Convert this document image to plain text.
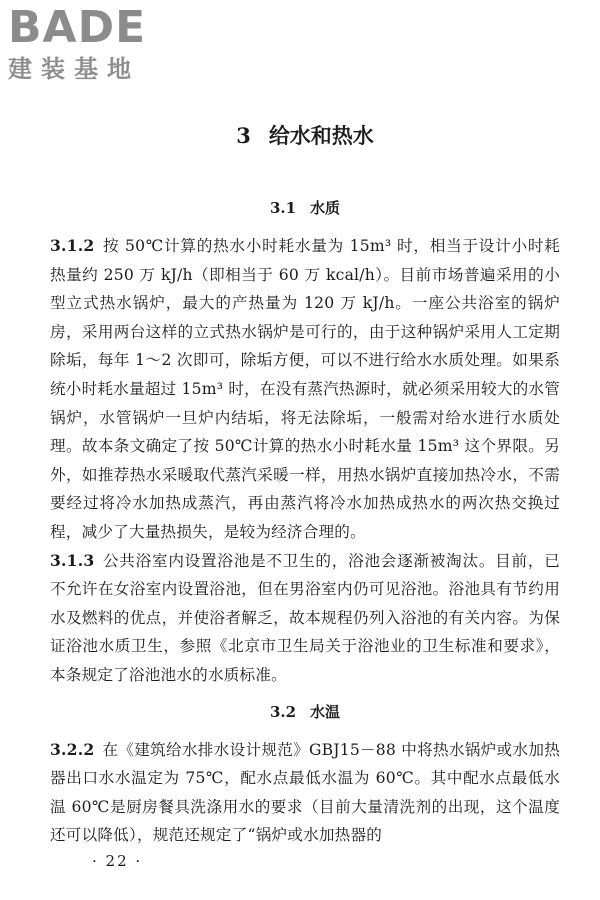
BADE
建装基地
3 给水和热水
3.1 水质

3.1.2 按 50℃计算的热水小时耗水量为 15m³ 时，相当于设计小时耗热量约 250 万 kJ/h（即相当于 60 万 kcal/h）。目前市场普遍采用的小型立式热水锅炉，最大的产热量为 120 万 kJ/h。一座公共浴室的锅炉房，采用两台这样的立式热水锅炉是可行的，由于这种锅炉采用人工定期除垢，每年 1～2 次即可，除垢方便，可以不进行给水水质处理。如果系统小时耗水量超过 15m³ 时，在没有蒸汽热源时，就必须采用较大的水管锅炉，水管锅炉一旦炉内结垢，将无法除垢，一般需对给水进行水质处理。故本条文确定了按 50℃计算的热水小时耗水量 15m³ 这个界限。另外，如推荐热水采暖取代蒸汽采暖一样，用热水锅炉直接加热冷水，不需要经过将冷水加热成蒸汽，再由蒸汽将冷水加热成热水的两次热交换过程，减少了大量热损失，是较为经济合理的。

3.1.3 公共浴室内设置浴池是不卫生的，浴池会逐渐被淘汰。目前，已不允许在女浴室内设置浴池，但在男浴室内仍可见浴池。浴池具有节约用水及燃料的优点，并使浴者解乏，故本规程仍列入浴池的有关内容。为保证浴池水质卫生，参照《北京市卫生局关于浴池业的卫生标准和要求》，本条规定了浴池池水的水质标准。

3.2 水温

3.2.2 在《建筑给水排水设计规范》GBJ15－88 中将热水锅炉或水加热器出口水水温定为 75℃，配水点最低水温为 60℃。其中配水点最低水温 60℃是厨房餐具洗涤用水的要求（目前大量清洗剂的出现，这个温度还可以降低），规范还规定了“锅炉或水加热器的

· 22 ·
